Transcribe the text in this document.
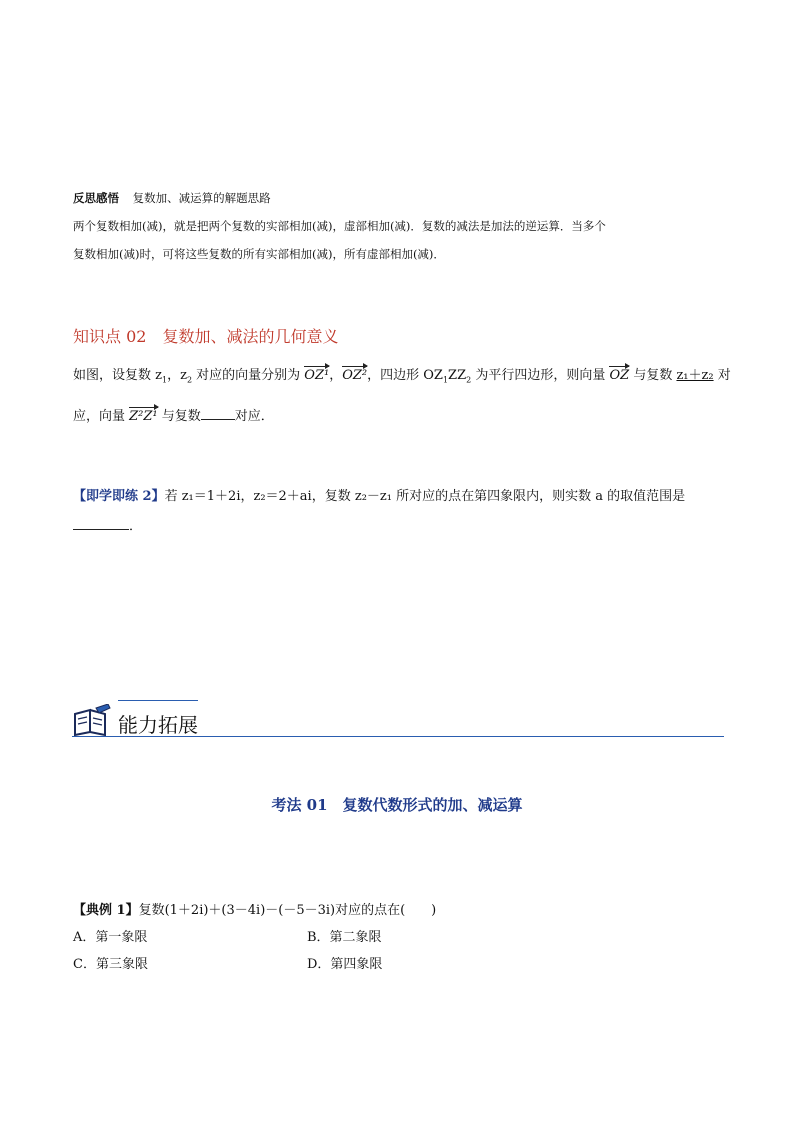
反思感悟 复数加、减运算的解题思路
两个复数相加(减)，就是把两个复数的实部相加(减)，虚部相加(减)．复数的减法是加法的逆运算．当多个
复数相加(减)时，可将这些复数的所有实部相加(减)，所有虚部相加(减)．
知识点 02　复数加、减法的几何意义
如图，设复数 $z_1$，$z_2$ 对应的向量分别为 OZ¹，OZ²，四边形 $OZ_1ZZ_2$ 为平行四边形，则向量 OZ 与复数 z₁＋z₂ 对
应，向量 Z²Z¹ 与复数	对应．
【即学即练 2】若 z₁＝1＋2i，z₂＝2＋ai，复数 z₂－z₁ 所对应的点在第四象限内，则实数 a 的取值范围是
．
能力拓展
考法 01　复数代数形式的加、减运算
【典例 1】复数(1＋2i)＋(3－4i)－(－5－3i)对应的点在(　　)
A．第一象限	B．第二象限
C．第三象限	D．第四象限
